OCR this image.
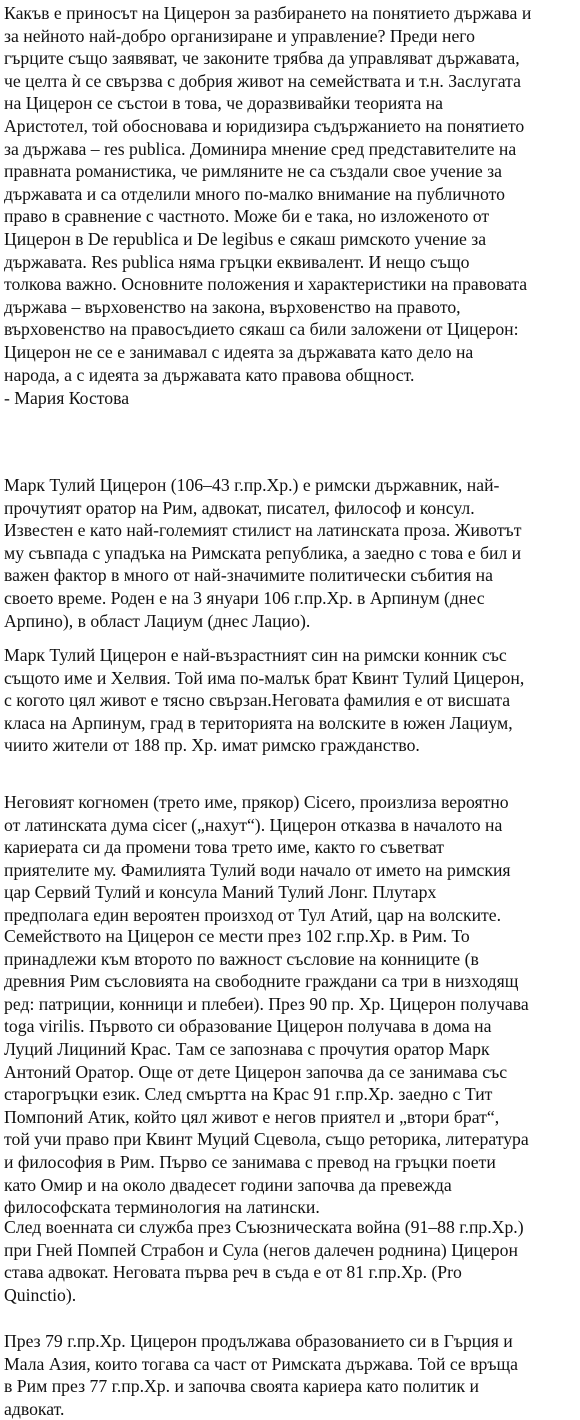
Какъв е приносът на Цицерон за разбирането на понятието държава и
за нейното най-добро организиране и управление? Преди него
гърците също заявяват, че законите трябва да управляват държавата,
че целта ѝ се свързва с добрия живот на семействата и т.н. Заслугата
на Цицерон се състои в това, че доразвивайки теорията на
Аристотел, той обосновава и юридизира съдържанието на понятието
за държава – res publica. Доминира мнение сред представителите на
правната романистика, че римляните не са създали свое учение за
държавата и са отделили много по-малко внимание на публичното
право в сравнение с частното. Може би е така, но изложеното от
Цицерон в De republica и De legibus е сякаш римското учение за
държавата. Res publica няма гръцки еквивалент. И нещо също
толкова важно. Основните положения и характеристики на правовата
държава – върховенство на закона, върховенство на правото,
върховенство на правосъдието сякаш са били заложени от Цицерон:
Цицерон не се е занимавал с идеята за държавата като дело на
народа, а с идеята за държавата като правова общност.

- Мария Костова

Марк Тулий Цицерон (106–43 г.пр.Хр.) е римски държавник, най-
прочутият оратор на Рим, адвокат, писател, философ и консул.
Известен е като най-големият стилист на латинската проза. Животът
му съвпада с упадъка на Римската република, а заедно с това е бил и
важен фактор в много от най-значимите политически събития на
своето време. Роден е на 3 януари 106 г.пр.Хр. в Арпинум (днес
Арпино), в област Лациум (днес Лацио).

Марк Тулий Цицерон е най-възрастният син на римски конник със
същото име и Хелвия. Той има по-малък брат Квинт Тулий Цицерон,
с когото цял живот е тясно свързан.Неговата фамилия е от висшата
класа на Арпинум, град в територията на волските в южен Лациум,
чиито жители от 188 пр. Хр. имат римско гражданство.

Неговият когномен (трето име, прякор) Cicero, произлиза вероятно
от латинската дума cicer („нахут“). Цицерон отказва в началото на
кариерата си да промени това трето име, както го съветват
приятелите му. Фамилията Тулий води начало от името на римския
цар Сервий Тулий и консула Маний Тулий Лонг. Плутарх
предполага един вероятен произход от Тул Атий, цар на волските.

Семейството на Цицерон се мести през 102 г.пр.Хр. в Рим. То
принадлежи към второто по важност съсловие на конниците (в
древния Рим съсловията на свободните граждани са три в низходящ
ред: патриции, конници и плебеи). През 90 пр. Хр. Цицерон получава
toga virilis. Първото си образование Цицерон получава в дома на
Луций Лициний Крас. Там се запознава с прочутия оратор Марк
Антоний Оратор. Още от дете Цицерон започва да се занимава със
старогръцки език. След смъртта на Крас 91 г.пр.Хр. заедно с Тит
Помпоний Атик, който цял живот е негов приятел и „втори брат“,
той учи право при Квинт Муций Сцевола, също реторика, литература
и философия в Рим. Първо се занимава с превод на гръцки поети
като Омир и на около двадесет години започва да превежда
философската терминология на латински.

След военната си служба през Съюзническата война (91–88 г.пр.Хр.)
при Гней Помпей Страбон и Сула (негов далечен роднина) Цицерон
става адвокат. Неговата първа реч в съда е от 81 г.пр.Хр. (Pro
Quinctio).

През 79 г.пр.Хр. Цицерон продължава образованието си в Гърция и
Мала Азия, които тогава са част от Римската държава. Той се връща
в Рим през 77 г.пр.Хр. и започва своята кариера като политик и
адвокат.
